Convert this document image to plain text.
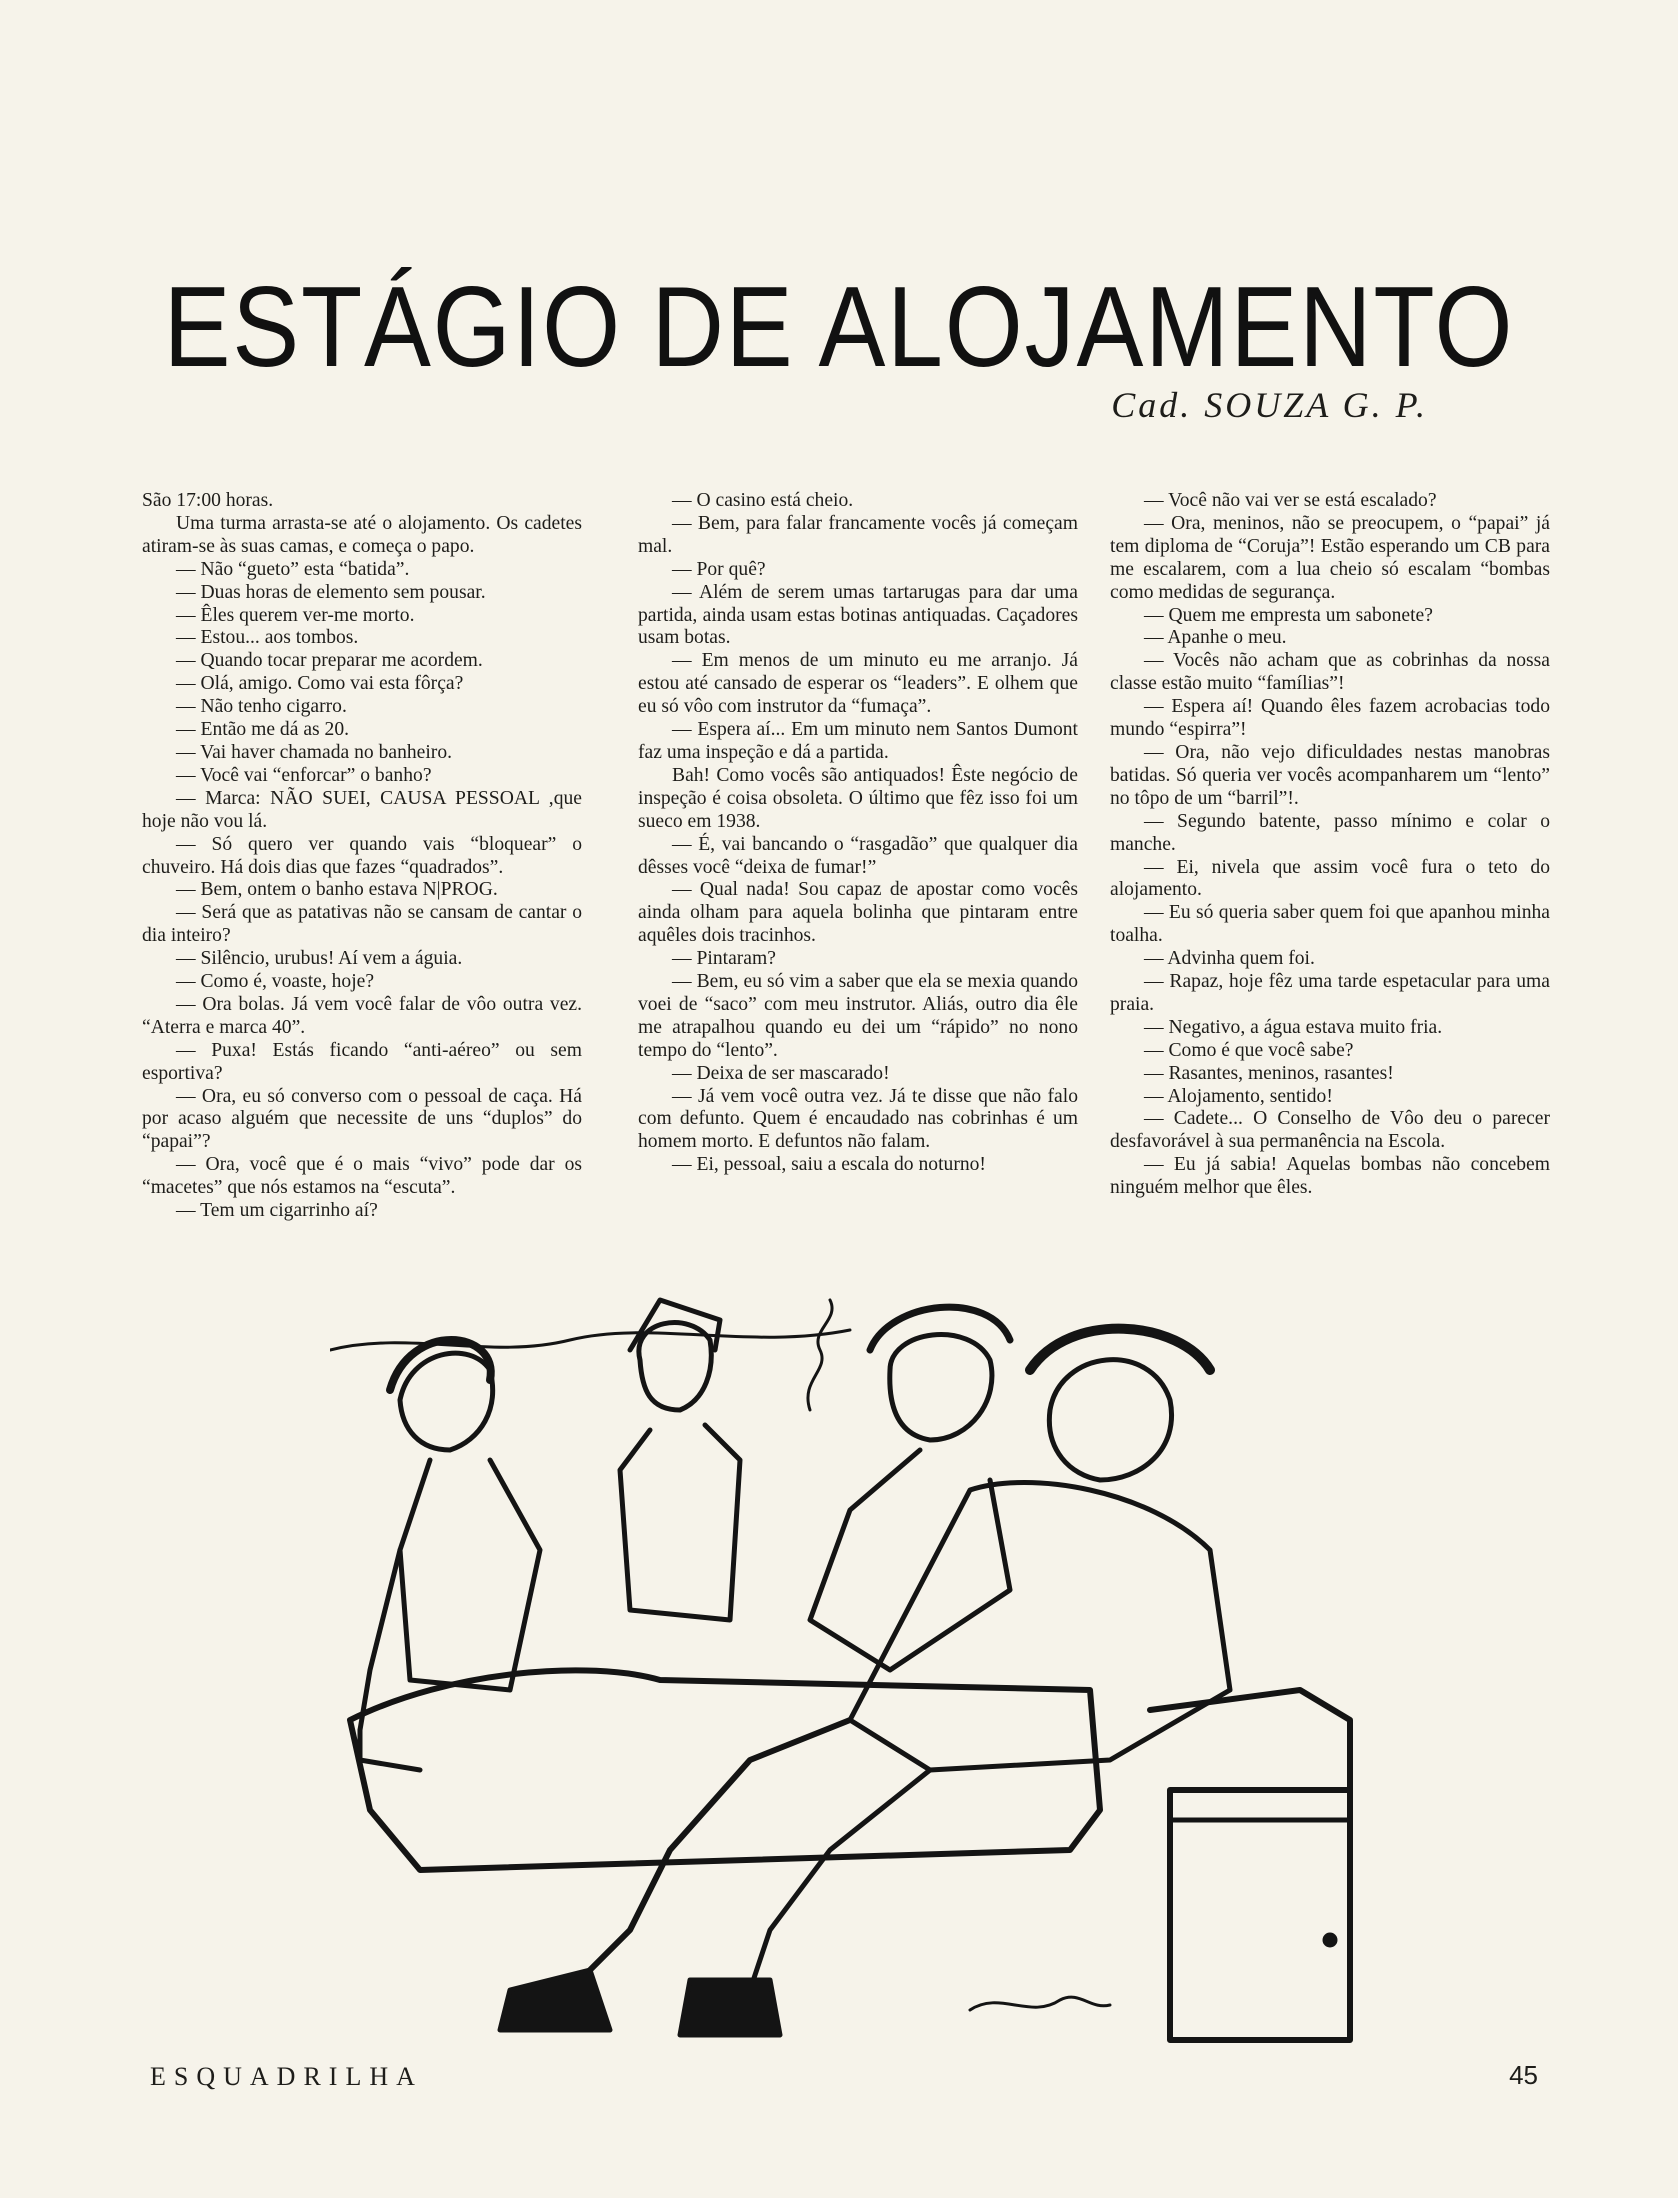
ESTÁGIO DE ALOJAMENTO
Cad. SOUZA G. P.

São 17:00 horas.

Uma turma arrasta-se até o alojamento. Os cadetes atiram-se às suas camas, e começa o papo.

— Não “gueto” esta “batida”.

— Duas horas de elemento sem pousar.

— Êles querem ver-me morto.

— Estou... aos tombos.

— Quando tocar preparar me acordem.

— Olá, amigo. Como vai esta fôrça?

— Não tenho cigarro.

— Então me dá as 20.

— Vai haver chamada no banheiro.

— Você vai “enforcar” o banho?

— Marca: NÃO SUEI, CAUSA PESSOAL ,que hoje não vou lá.

— Só quero ver quando vais “bloquear” o chuveiro. Há dois dias que fazes “quadrados”.

— Bem, ontem o banho estava N|PROG.

— Será que as patativas não se cansam de cantar o dia inteiro?

— Silêncio, urubus! Aí vem a águia.

— Como é, voaste, hoje?

— Ora bolas. Já vem você falar de vôo outra vez. “Aterra e marca 40”.

— Puxa! Estás ficando “anti-aéreo” ou sem esportiva?

— Ora, eu só converso com o pessoal de caça. Há por acaso alguém que necessite de uns “duplos” do “papai”?

— Ora, você que é o mais “vivo” pode dar os “macetes” que nós estamos na “escuta”.

— Tem um cigarrinho aí?

— O casino está cheio.

— Bem, para falar francamente vocês já começam mal.

— Por quê?

— Além de serem umas tartarugas para dar uma partida, ainda usam estas botinas antiquadas. Caçadores usam botas.

— Em menos de um minuto eu me arranjo. Já estou até cansado de esperar os “leaders”. E olhem que eu só vôo com instrutor da “fumaça”.

— Espera aí... Em um minuto nem Santos Dumont faz uma inspeção e dá a partida.

Bah! Como vocês são antiquados! Êste negócio de inspeção é coisa obsoleta. O último que fêz isso foi um sueco em 1938.

— É, vai bancando o “rasgadão” que qualquer dia dêsses você “deixa de fumar!”

— Qual nada! Sou capaz de apostar como vocês ainda olham para aquela bolinha que pintaram entre aquêles dois tracinhos.

— Pintaram?

— Bem, eu só vim a saber que ela se mexia quando voei de “saco” com meu instrutor. Aliás, outro dia êle me atrapalhou quando eu dei um “rápido” no nono tempo do “lento”.

— Deixa de ser mascarado!

— Já vem você outra vez. Já te disse que não falo com defunto. Quem é encaudado nas cobrinhas é um homem morto. E defuntos não falam.

— Ei, pessoal, saiu a escala do noturno!

— Você não vai ver se está escalado?

— Ora, meninos, não se preocupem, o “papai” já tem diploma de “Coruja”! Estão esperando um CB para me escalarem, com a lua cheio só escalam “bombas como medidas de segurança.

— Quem me empresta um sabonete?

— Apanhe o meu.

— Vocês não acham que as cobrinhas da nossa classe estão muito “famílias”!

— Espera aí! Quando êles fazem acrobacias todo mundo “espirra”!

— Ora, não vejo dificuldades nestas manobras batidas. Só queria ver vocês acompanharem um “lento” no tôpo de um “barril”!.

— Segundo batente, passo mínimo e colar o manche.

— Ei, nivela que assim você fura o teto do alojamento.

— Eu só queria saber quem foi que apanhou minha toalha.

— Advinha quem foi.

— Rapaz, hoje fêz uma tarde espetacular para uma praia.

— Negativo, a água estava muito fria.

— Como é que você sabe?

— Rasantes, meninos, rasantes!

— Alojamento, sentido!

— Cadete... O Conselho de Vôo deu o parecer desfavorável à sua permanência na Escola.

— Eu já sabia! Aquelas bombas não concebem ninguém melhor que êles.

ESQUADRILHA	45
